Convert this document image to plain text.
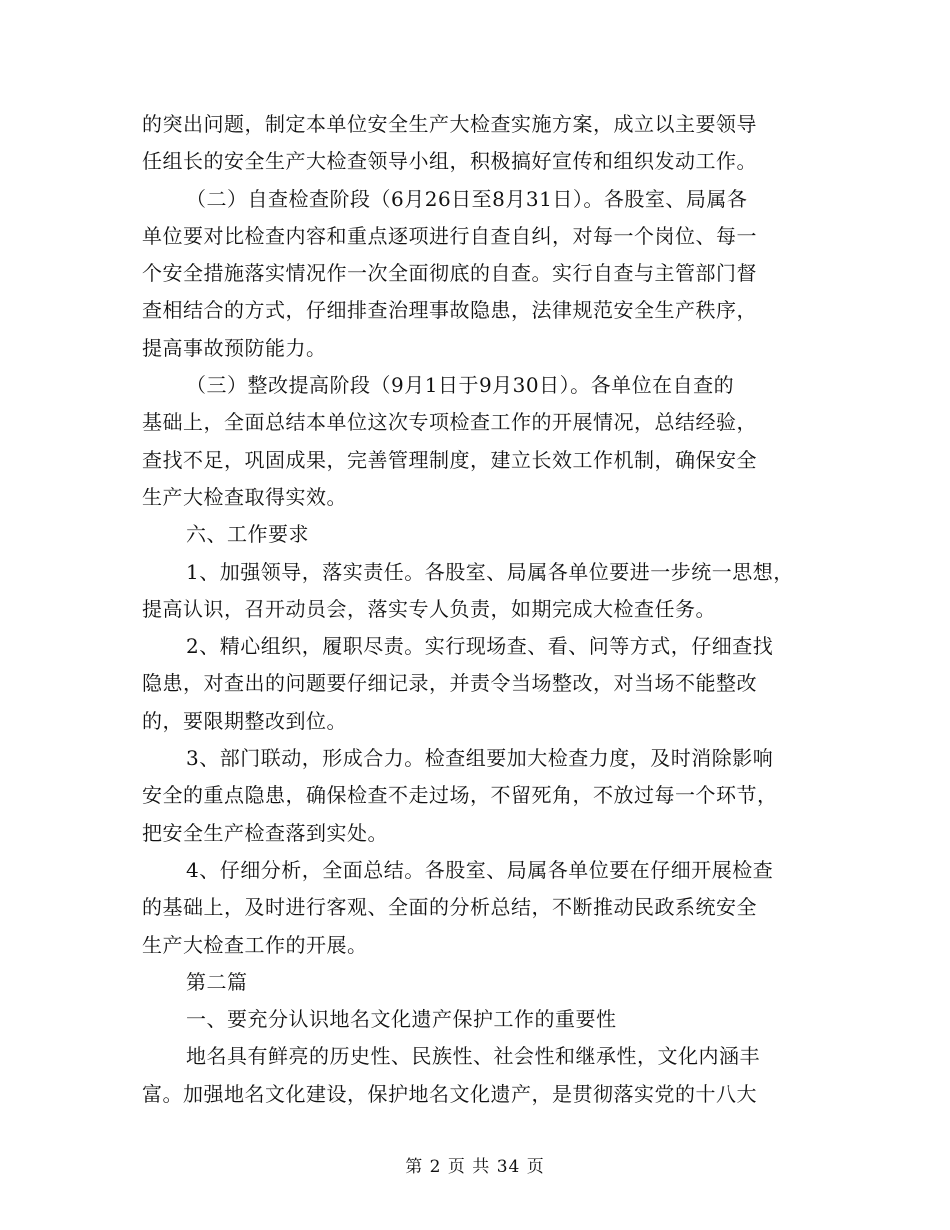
的突出问题，制定本单位安全生产大检查实施方案，成立以主要领导
任组长的安全生产大检查领导小组，积极搞好宣传和组织发动工作。
（二）自查检查阶段（6月26日至8月31日）。各股室、局属各
单位要对比检查内容和重点逐项进行自查自纠，对每一个岗位、每一
个安全措施落实情况作一次全面彻底的自查。实行自查与主管部门督
查相结合的方式，仔细排查治理事故隐患，法律规范安全生产秩序，
提高事故预防能力。
（三）整改提高阶段（9月1日于9月30日）。各单位在自查的
基础上，全面总结本单位这次专项检查工作的开展情况，总结经验，
查找不足，巩固成果，完善管理制度，建立长效工作机制，确保安全
生产大检查取得实效。
六、工作要求
1、加强领导，落实责任。各股室、局属各单位要进一步统一思想，
提高认识，召开动员会，落实专人负责，如期完成大检查任务。
2、精心组织，履职尽责。实行现场查、看、问等方式，仔细查找
隐患，对查出的问题要仔细记录，并责令当场整改，对当场不能整改
的，要限期整改到位。
3、部门联动，形成合力。检查组要加大检查力度，及时消除影响
安全的重点隐患，确保检查不走过场，不留死角，不放过每一个环节，
把安全生产检查落到实处。
4、仔细分析，全面总结。各股室、局属各单位要在仔细开展检查
的基础上，及时进行客观、全面的分析总结，不断推动民政系统安全
生产大检查工作的开展。
第二篇
一、要充分认识地名文化遗产保护工作的重要性
地名具有鲜亮的历史性、民族性、社会性和继承性，文化内涵丰
富。加强地名文化建设，保护地名文化遗产，是贯彻落实党的十八大
第 2 页 共 34 页
